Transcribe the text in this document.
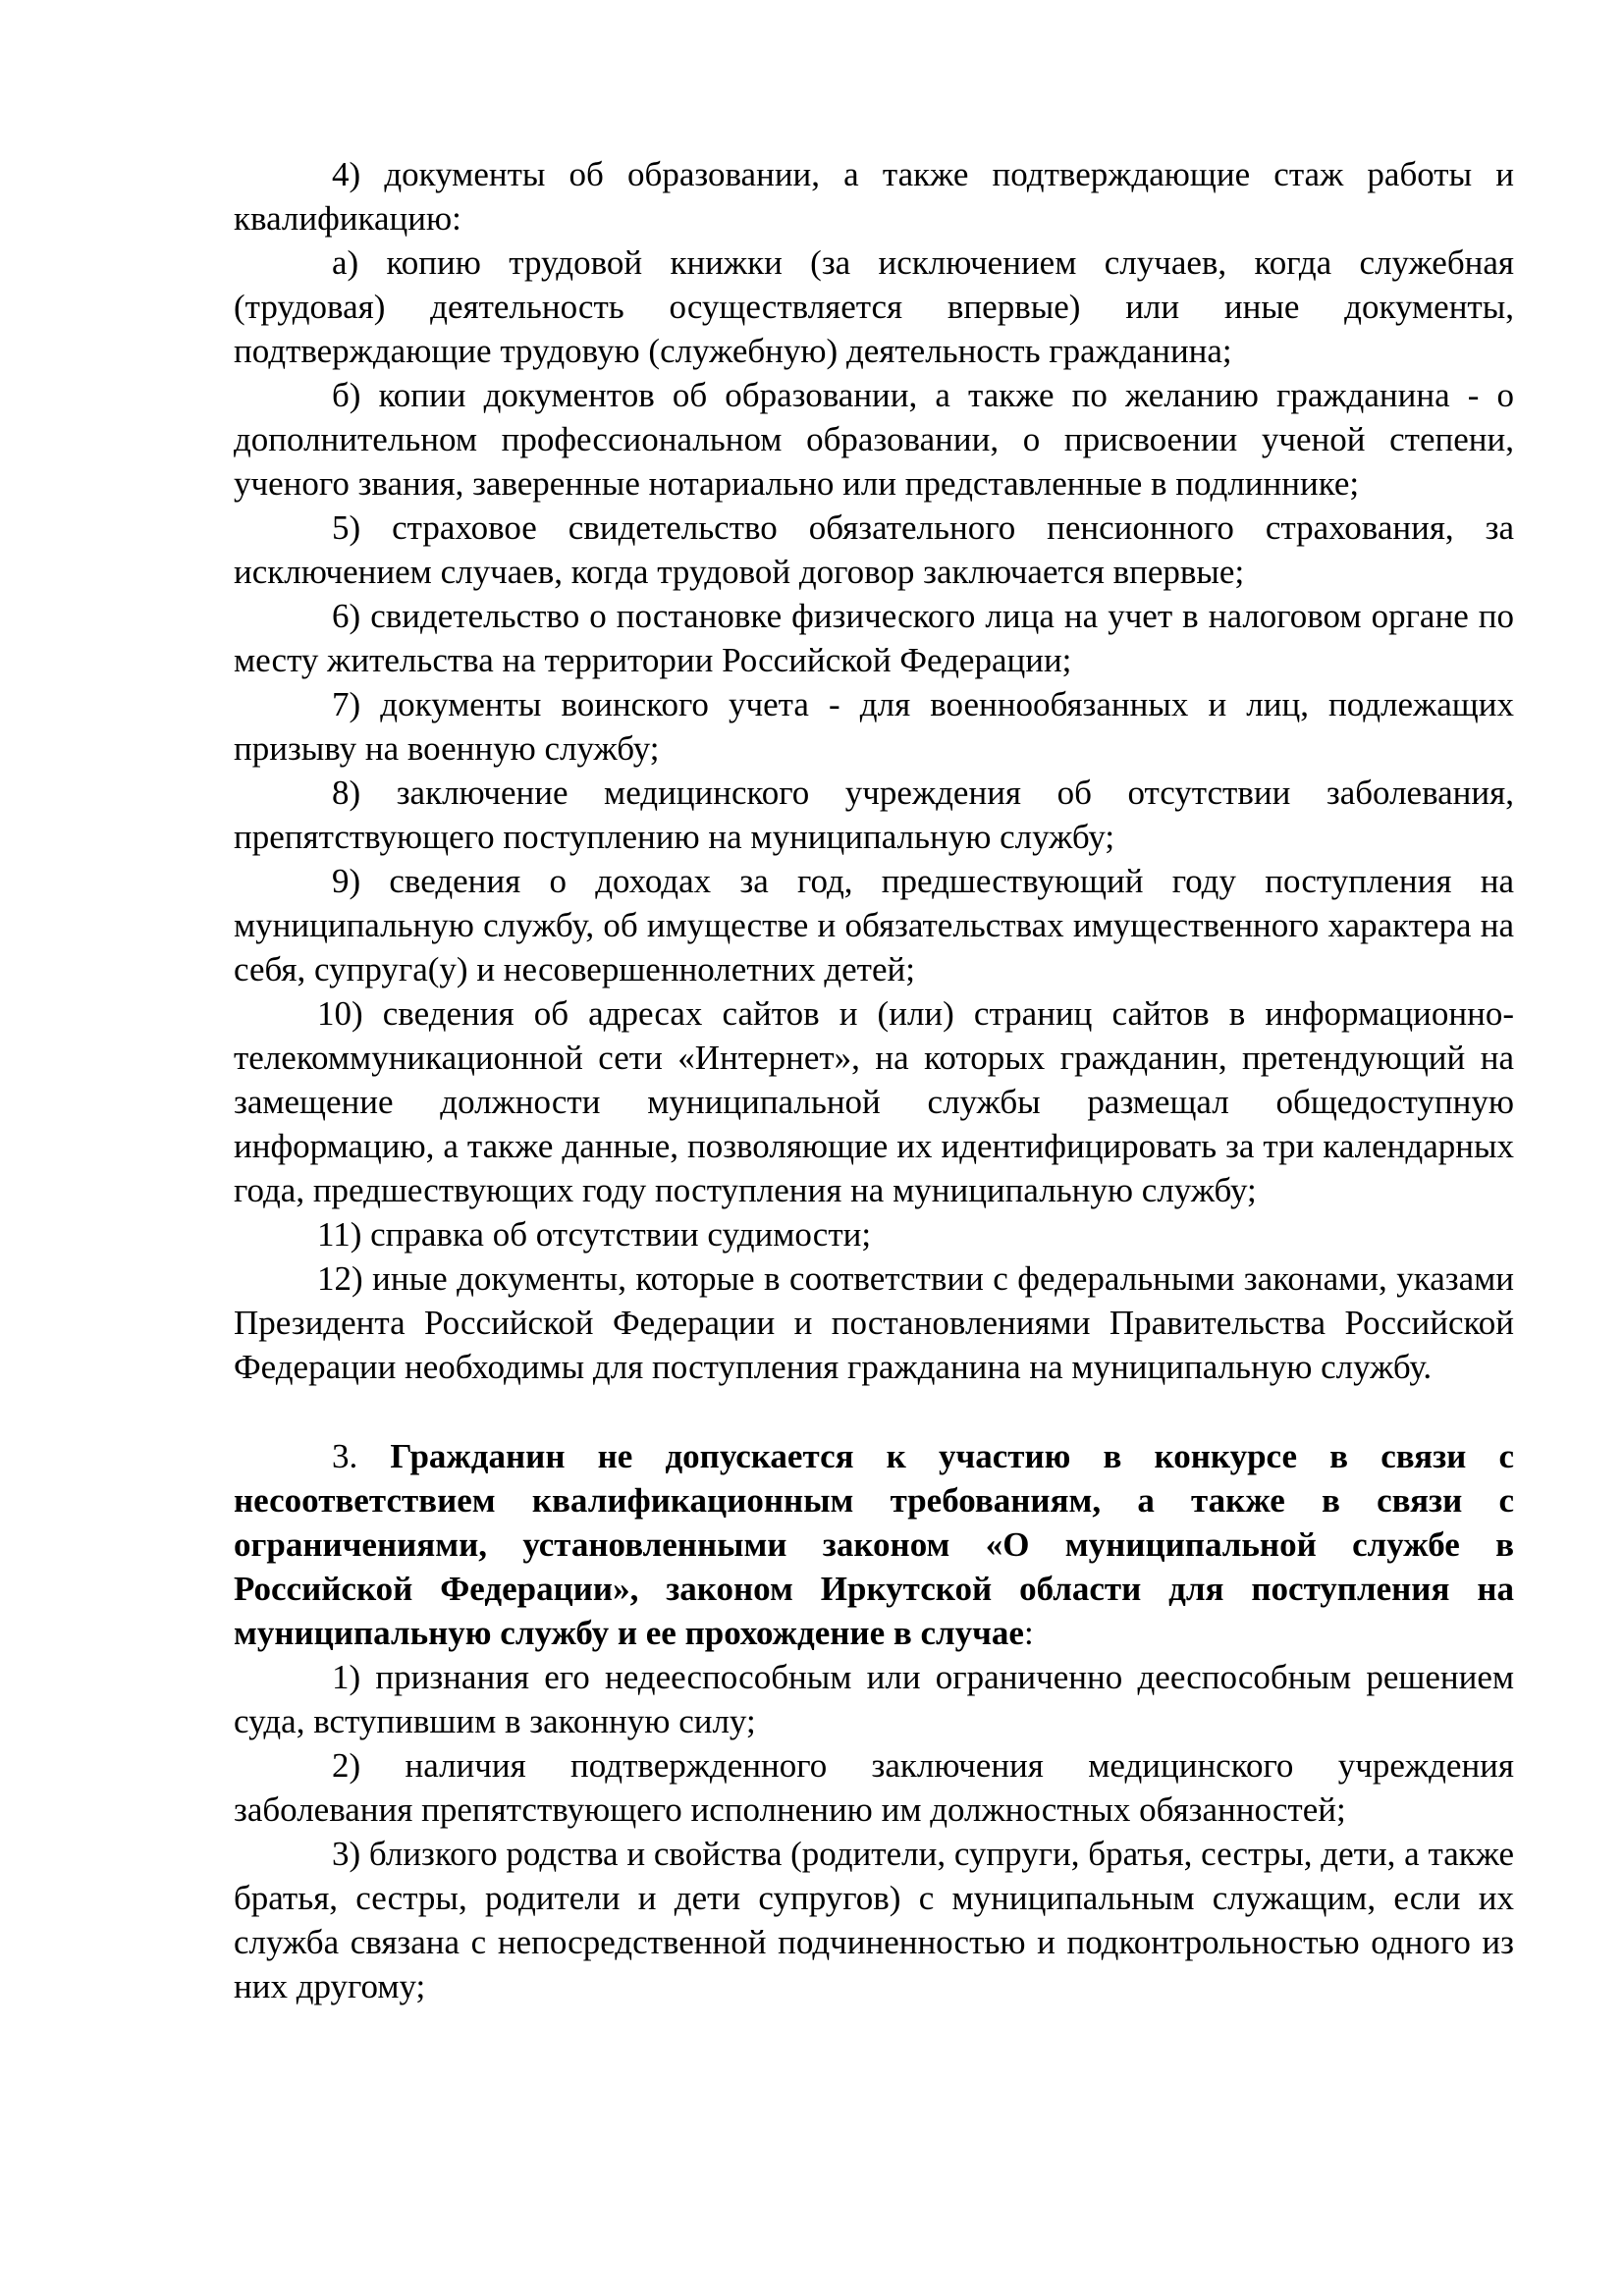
4) документы об образовании, а также подтверждающие стаж работы и квалификацию:

а) копию трудовой книжки (за исключением случаев, когда служебная (трудовая) деятельность осуществляется впервые) или иные документы, подтверждающие трудовую (служебную) деятельность гражданина;

б) копии документов об образовании, а также по желанию гражданина - о дополнительном профессиональном образовании, о присвоении ученой степени, ученого звания, заверенные нотариально или представленные в подлиннике;

5) страховое свидетельство обязательного пенсионного страхования, за исключением случаев, когда трудовой договор заключается впервые;

6) свидетельство о постановке физического лица на учет в налоговом органе по месту жительства на территории Российской Федерации;

7) документы воинского учета - для военнообязанных и лиц, подлежащих призыву на военную службу;

8) заключение медицинского учреждения об отсутствии заболевания, препятствующего поступлению на муниципальную службу;

9) сведения о доходах за год, предшествующий году поступления на муниципальную службу, об имуществе и обязательствах имущественного характера на себя, супруга(у) и несовершеннолетних детей;

10) сведения об адресах сайтов и (или) страниц сайтов в информационно-телекоммуникационной сети «Интернет», на которых гражданин, претендующий на замещение должности муниципальной службы размещал общедоступную информацию, а также данные, позволяющие их идентифицировать за три календарных года, предшествующих году поступления на муниципальную службу;

11) справка об отсутствии судимости;

12) иные документы, которые в соответствии с федеральными законами, указами Президента Российской Федерации и постановлениями Правительства Российской Федерации необходимы для поступления гражданина на муниципальную службу.

3. Гражданин не допускается к участию в конкурсе в связи с несоответствием квалификационным требованиям, а также в связи с ограничениями, установленными законом «О муниципальной службе в Российской Федерации», законом Иркутской области для поступления на муниципальную службу и ее прохождение в случае:

1) признания его недееспособным или ограниченно дееспособным решением суда, вступившим в законную силу;

2) наличия подтвержденного заключения медицинского учреждения заболевания препятствующего исполнению им должностных обязанностей;

3) близкого родства и свойства (родители, супруги, братья, сестры, дети, а также братья, сестры, родители и дети супругов) с муниципальным служащим, если их служба связана с непосредственной подчиненностью и подконтрольностью одного из них другому;
